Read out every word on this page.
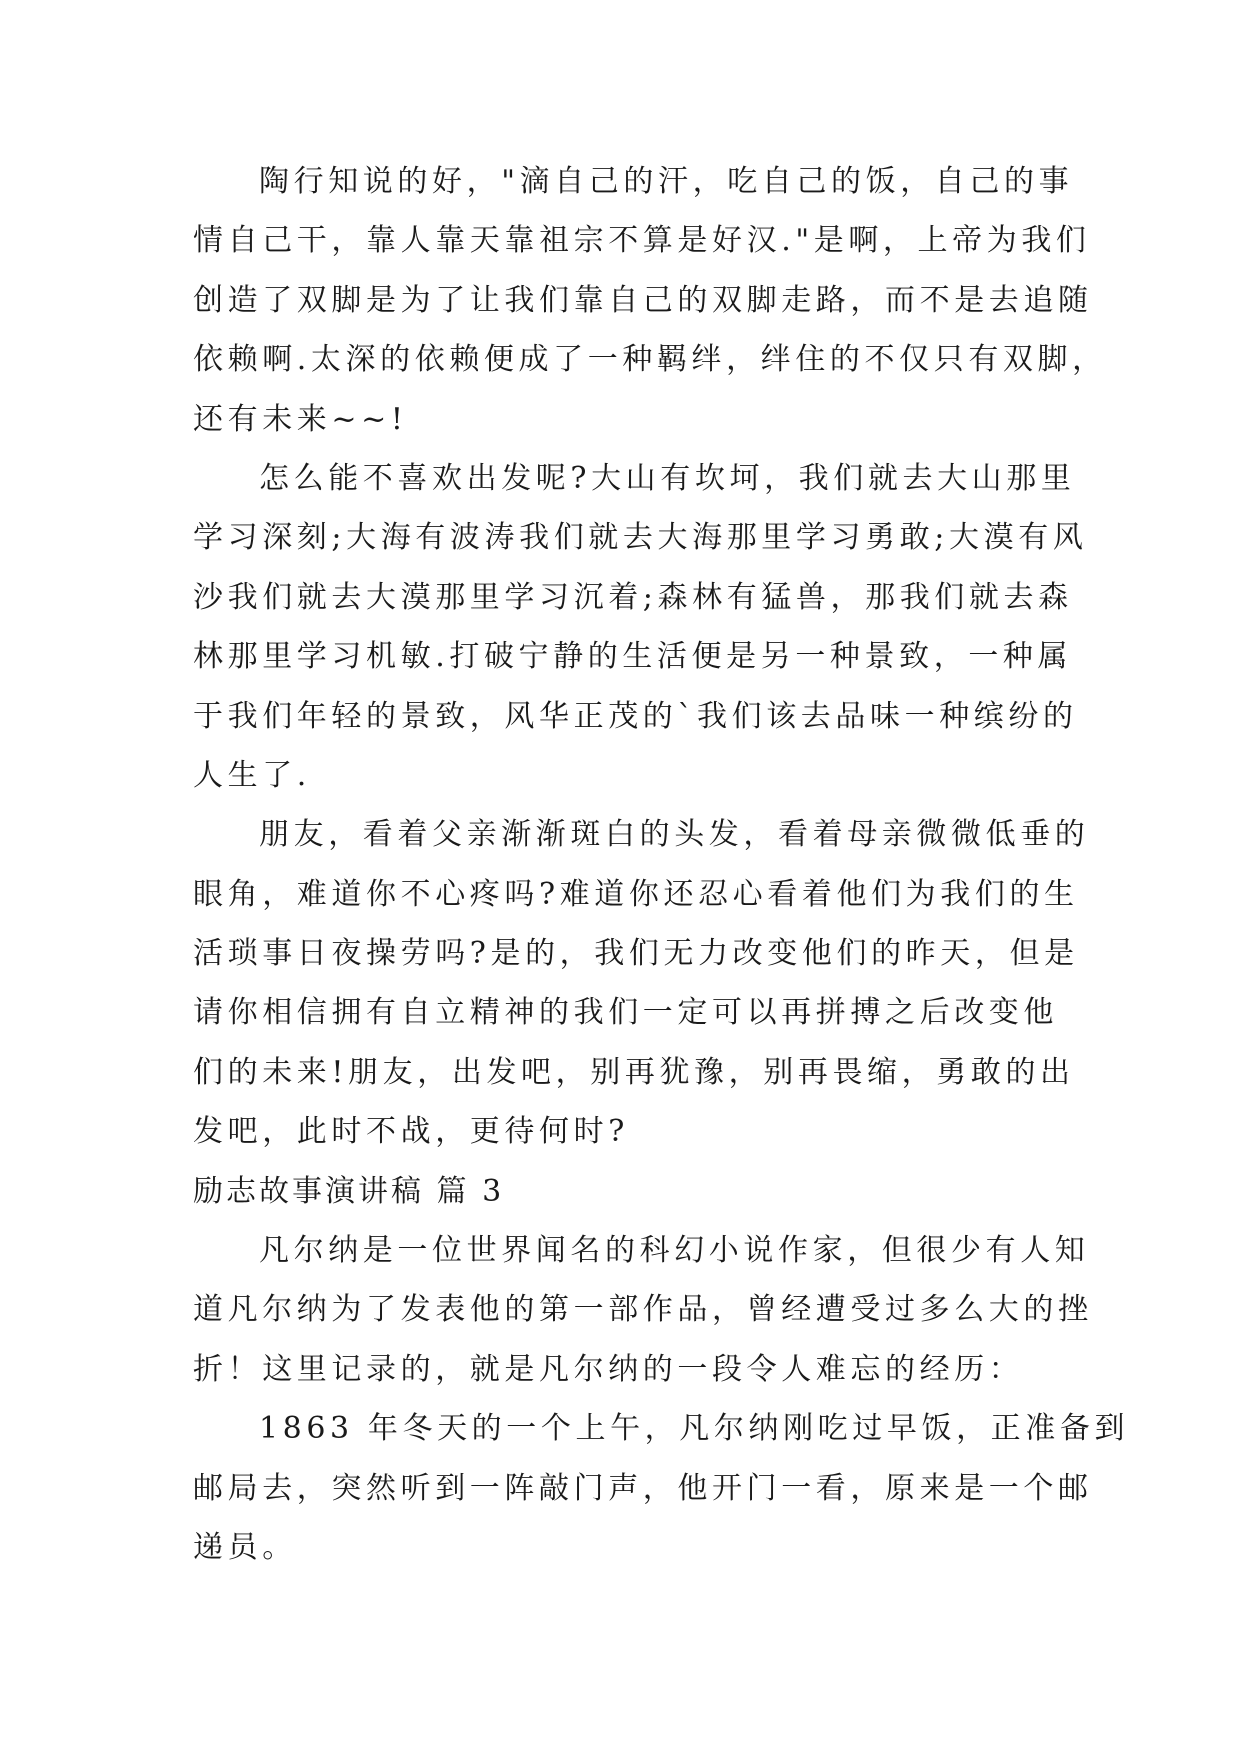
陶行知说的好，"滴自己的汗，吃自己的饭，自己的事
情自己干，靠人靠天靠祖宗不算是好汉."是啊，上帝为我们
创造了双脚是为了让我们靠自己的双脚走路，而不是去追随
依赖啊.太深的依赖便成了一种羁绊，绊住的不仅只有双脚，
还有未来~~!
怎么能不喜欢出发呢?大山有坎坷，我们就去大山那里
学习深刻;大海有波涛我们就去大海那里学习勇敢;大漠有风
沙我们就去大漠那里学习沉着;森林有猛兽，那我们就去森
林那里学习机敏.打破宁静的生活便是另一种景致，一种属
于我们年轻的景致，风华正茂的`我们该去品味一种缤纷的
人生了.
朋友，看着父亲渐渐斑白的头发，看着母亲微微低垂的
眼角，难道你不心疼吗?难道你还忍心看着他们为我们的生
活琐事日夜操劳吗?是的，我们无力改变他们的昨天，但是
请你相信拥有自立精神的我们一定可以再拼搏之后改变他
们的未来!朋友，出发吧，别再犹豫，别再畏缩，勇敢的出
发吧，此时不战，更待何时?
励志故事演讲稿 篇 3
凡尔纳是一位世界闻名的科幻小说作家，但很少有人知
道凡尔纳为了发表他的第一部作品，曾经遭受过多么大的挫
折！这里记录的，就是凡尔纳的一段令人难忘的经历：
1863 年冬天的一个上午，凡尔纳刚吃过早饭，正准备到
邮局去，突然听到一阵敲门声，他开门一看，原来是一个邮
递员。
